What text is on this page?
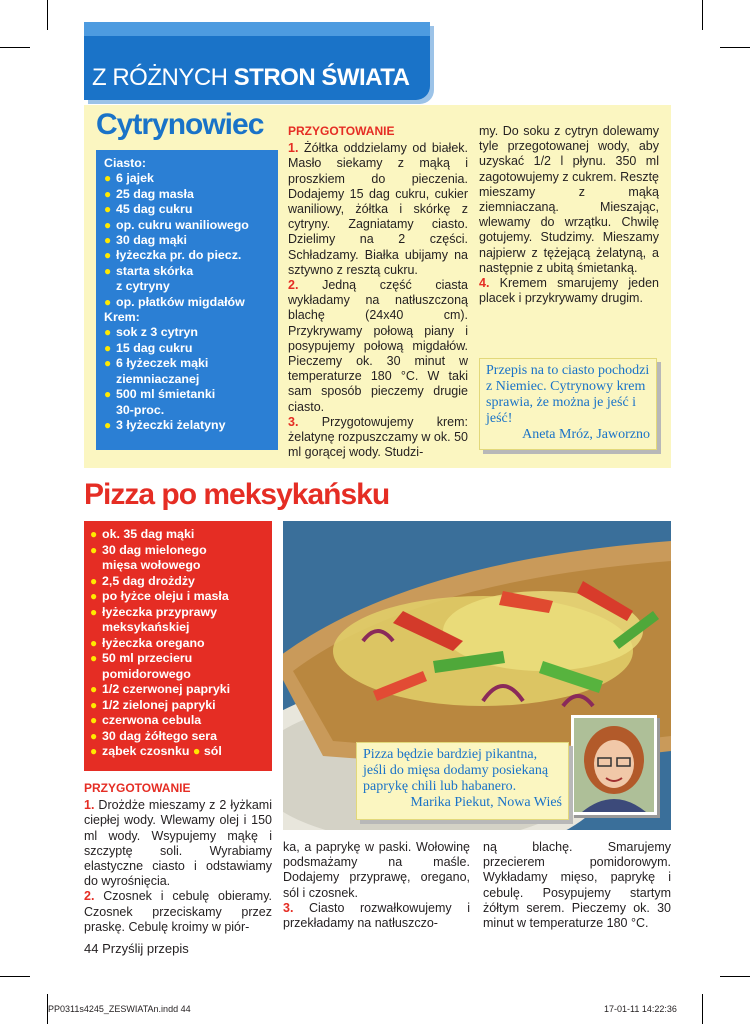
Z RÓŻNYCH STRON ŚWIATA
Cytrynowiec
Ciasto:
● 6 jajek
● 25 dag masła
● 45 dag cukru
● op. cukru waniliowego
● 30 dag mąki
● łyżeczka pr. do piecz.
● starta skórka
z cytryny
● op. płatków migdałów
Krem:
● sok z 3 cytryn
● 15 dag cukru
● 6 łyżeczek mąki
ziemniaczanej
● 500 ml śmietanki
30-proc.
● 3 łyżeczki żelatyny
PRZYGOTOWANIE

1. Żółtka oddzielamy od białek. Masło siekamy z mąką i proszkiem do pieczenia. Dodajemy 15 dag cukru, cukier waniliowy, żółtka i skórkę z cytryny. Zagniatamy ciasto. Dzielimy na 2 części. Schładzamy. Białka ubijamy na sztywno z resztą cukru.

2. Jedną część ciasta wykładamy na natłuszczoną blachę (24x40 cm). Przykrywamy połową piany i posypujemy połową migdałów. Pieczemy ok. 30 minut w temperaturze 180 °C. W taki sam sposób pieczemy drugie ciasto.

3. Przygotowujemy krem: żelatynę rozpuszczamy w ok. 50 ml gorącej wody. Studzi-

my. Do soku z cytryn dolewamy tyle przegotowanej wody, aby uzyskać 1/2 l płynu. 350 ml zagotowujemy z cukrem. Resztę mieszamy z mąką ziemniaczaną. Mieszając, wlewamy do wrzątku. Chwilę gotujemy. Studzimy. Mieszamy najpierw z tężejącą żelatyną, a następnie z ubitą śmietanką.

4. Kremem smarujemy jeden placek i przykrywamy drugim.

Przepis na to ciasto pochodzi z Niemiec. Cytrynowy krem sprawia, że można je jeść i jeść!
Aneta Mróz, Jaworzno
Pizza po meksykańsku
● ok. 35 dag mąki
● 30 dag mielonego
mięsa wołowego
● 2,5 dag drożdży
● po łyżce oleju i masła
● łyżeczka przyprawy
meksykańskiej
● łyżeczka oregano
● 50 ml przecieru
pomidorowego
● 1/2 czerwonej papryki
● 1/2 zielonej papryki
● czerwona cebula
● 30 dag żółtego sera
● ząbek czosnku ● sól	Pizza będzie bardziej pikantna, jeśli do mięsa dodamy posiekaną paprykę chili lub habanero.
Marika Piekut, Nowa Wieś
PRZYGOTOWANIE

1. Drożdże mieszamy z 2 łyżkami ciepłej wody. Wlewamy olej i 150 ml wody. Wsypujemy mąkę i szczyptę soli. Wyrabiamy elastyczne ciasto i odstawiamy do wyrośnięcia.

2. Czosnek i cebulę obieramy. Czosnek przeciskamy przez praskę. Cebulę kroimy w piór-

ka, a paprykę w paski. Wołowinę podsmażamy na maśle. Dodajemy przyprawę, oregano, sól i czosnek.

3. Ciasto rozwałkowujemy i przekładamy na natłuszczo-

ną blachę. Smarujemy przecierem pomidorowym. Wykładamy mięso, paprykę i cebulę. Posypujemy startym żółtym serem. Pieczemy ok. 30 minut w temperaturze 180 °C.

44 Przyślij przepis
PP0311s4245_ZESWIATAn.indd 44	17-01-11 14:22:36
